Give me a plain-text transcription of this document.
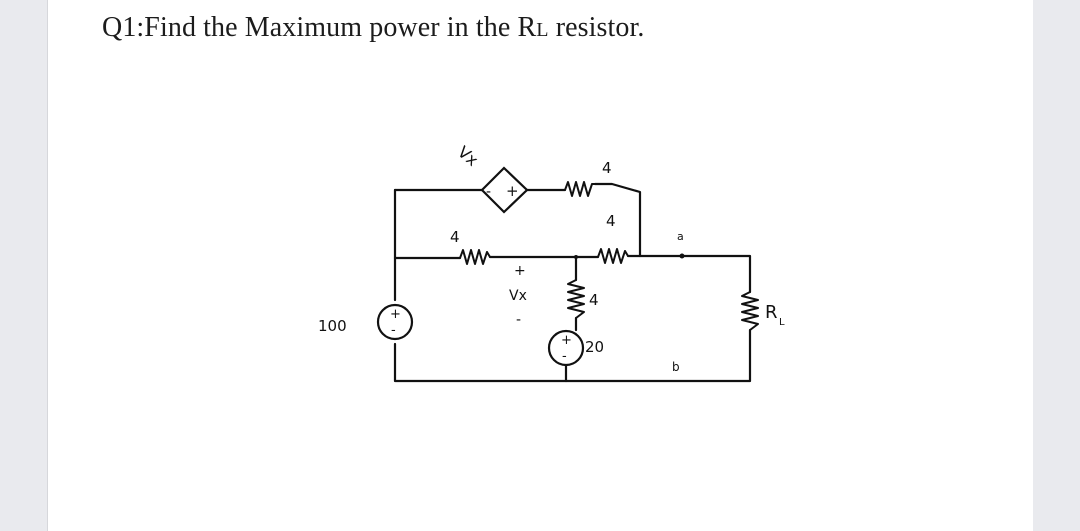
Q1:Find the Maximum power in the RL resistor.
- +
+
-
+
-
100
Vx	4
4
4
4
+
Vx
-
20
a
b
R L
